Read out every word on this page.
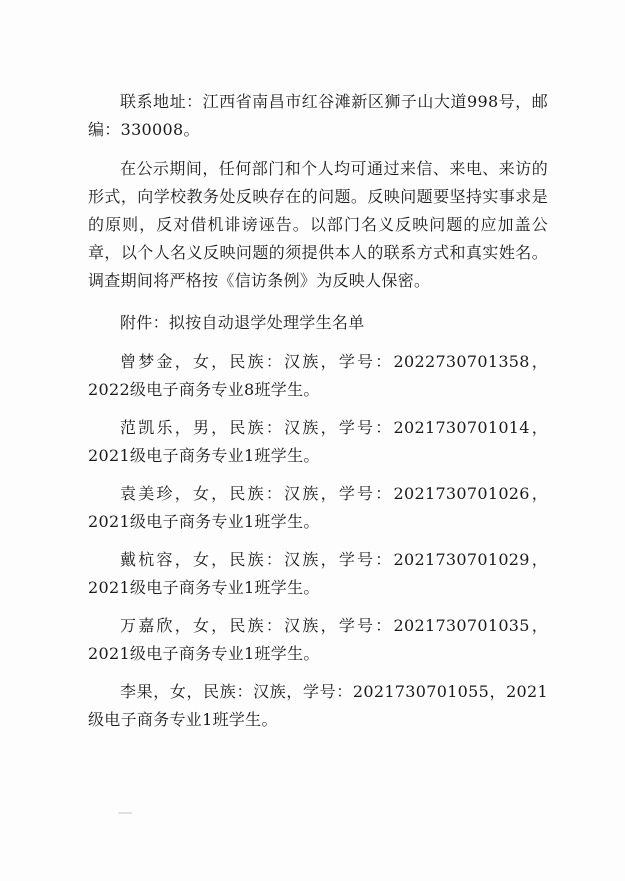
联系地址：江西省南昌市红谷滩新区狮子山大道998号，邮编：330008。

在公示期间，任何部门和个人均可通过来信、来电、来访的形式，向学校教务处反映存在的问题。反映问题要坚持实事求是的原则，反对借机诽谤诬告。以部门名义反映问题的应加盖公章，以个人名义反映问题的须提供本人的联系方式和真实姓名。调查期间将严格按《信访条例》为反映人保密。

附件：拟按自动退学处理学生名单

曾梦金，女，民族：汉族，学号：2022730701358，2022级电子商务专业8班学生。

范凯乐，男，民族：汉族，学号：2021730701014，2021级电子商务专业1班学生。

袁美珍，女，民族：汉族，学号：2021730701026，2021级电子商务专业1班学生。

戴杭容，女，民族：汉族，学号：2021730701029，2021级电子商务专业1班学生。

万嘉欣，女，民族：汉族，学号：2021730701035，2021级电子商务专业1班学生。

李果，女，民族：汉族，学号：2021730701055，2021级电子商务专业1班学生。
